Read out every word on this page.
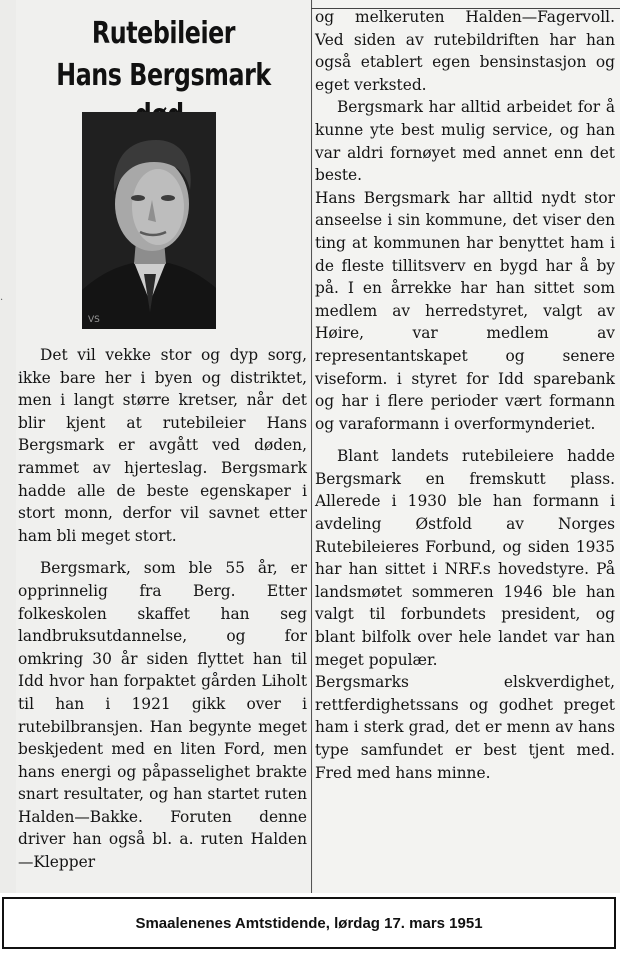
·
Rutebileier
Hans Bergsmark
VS

Det vil vekke stor og dyp sorg, ikke bare her i byen og distriktet, men i langt større kretser, når det blir kjent at rutebileier Hans Bergsmark er avgått ved døden, rammet av hjerteslag. Bergsmark hadde alle de beste egenskaper i stort monn, derfor vil savnet etter ham bli meget stort.

Bergsmark, som ble 55 år, er opprinnelig fra Berg. Etter folkeskolen skaffet han seg landbruksutdannelse, og for omkring 30 år siden flyttet han til Idd hvor han forpaktet gården Liholt til han i 1921 gikk over i rutebilbransjen. Han begynte meget beskjedent med en liten Ford, men hans energi og påpasselighet brakte snart resultater, og han startet ruten Halden—Bakke. Foruten denne driver han også bl. a. ruten Halden—Klepper

og melkeruten Halden—Fagervoll. Ved siden av rutebildriften har han også etablert egen bensinstasjon og eget verksted.

Bergsmark har alltid arbeidet for å kunne yte best mulig service, og han var aldri fornøyet med annet enn det beste.

Hans Bergsmark har alltid nydt stor anseelse i sin kommune, det viser den ting at kommunen har benyttet ham i de fleste tillitsverv en bygd har å by på. I en årrekke har han sittet som medlem av herredstyret, valgt av Høire, var medlem av representantskapet og senere viseform. i styret for Idd sparebank og har i flere perioder vært formann og varaformann i overformynderiet.

Blant landets rutebileiere hadde Bergsmark en fremskutt plass. Allerede i 1930 ble han formann i avdeling Østfold av Norges Rutebileieres Forbund, og siden 1935 har han sittet i NRF.s hovedstyre. På landsmøtet sommeren 1946 ble han valgt til forbundets president, og blant bilfolk over hele landet var han meget populær.

Bergsmarks elskverdighet, rettferdighetssans og godhet preget ham i sterk grad, det er menn av hans type samfundet er best tjent med. Fred med hans minne.

Smaalenenes Amtstidende, lørdag 17. mars 1951
